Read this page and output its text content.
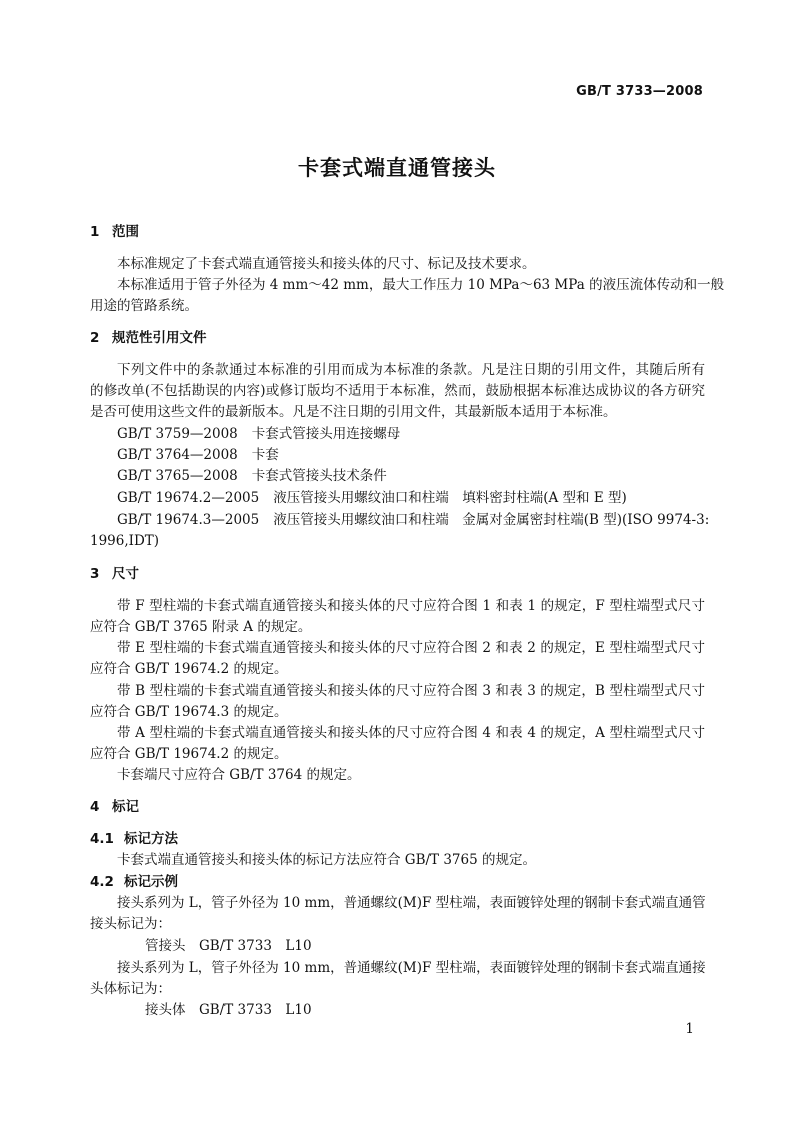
GB/T 3733—2008
卡套式端直通管接头
1 范围
本标准规定了卡套式端直通管接头和接头体的尺寸、标记及技术要求。
本标准适用于管子外径为 4 mm～42 mm，最大工作压力 10 MPa～63 MPa 的液压流体传动和一般
用途的管路系统。
2 规范性引用文件
下列文件中的条款通过本标准的引用而成为本标准的条款。凡是注日期的引用文件，其随后所有
的修改单(不包括勘误的内容)或修订版均不适用于本标准，然而，鼓励根据本标准达成协议的各方研究
是否可使用这些文件的最新版本。凡是不注日期的引用文件，其最新版本适用于本标准。
GB/T 3759—2008 卡套式管接头用连接螺母
GB/T 3764—2008 卡套
GB/T 3765—2008 卡套式管接头技术条件
GB/T 19674.2—2005 液压管接头用螺纹油口和柱端　填料密封柱端(A 型和 E 型)
GB/T 19674.3—2005 液压管接头用螺纹油口和柱端　金属对金属密封柱端(B 型)(ISO 9974-3:
1996,IDT)
3 尺寸
带 F 型柱端的卡套式端直通管接头和接头体的尺寸应符合图 1 和表 1 的规定，F 型柱端型式尺寸
应符合 GB/T 3765 附录 A 的规定。
带 E 型柱端的卡套式端直通管接头和接头体的尺寸应符合图 2 和表 2 的规定，E 型柱端型式尺寸
应符合 GB/T 19674.2 的规定。
带 B 型柱端的卡套式端直通管接头和接头体的尺寸应符合图 3 和表 3 的规定，B 型柱端型式尺寸
应符合 GB/T 19674.3 的规定。
带 A 型柱端的卡套式端直通管接头和接头体的尺寸应符合图 4 和表 4 的规定，A 型柱端型式尺寸
应符合 GB/T 19674.2 的规定。
卡套端尺寸应符合 GB/T 3764 的规定。
4 标记
4.1 标记方法
卡套式端直通管接头和接头体的标记方法应符合 GB/T 3765 的规定。
4.2 标记示例
接头系列为 L，管子外径为 10 mm，普通螺纹(M)F 型柱端，表面镀锌处理的钢制卡套式端直通管
接头标记为：
管接头　GB/T 3733　L10
接头系列为 L，管子外径为 10 mm，普通螺纹(M)F 型柱端，表面镀锌处理的钢制卡套式端直通接
头体标记为：
接头体　GB/T 3733　L10
1
